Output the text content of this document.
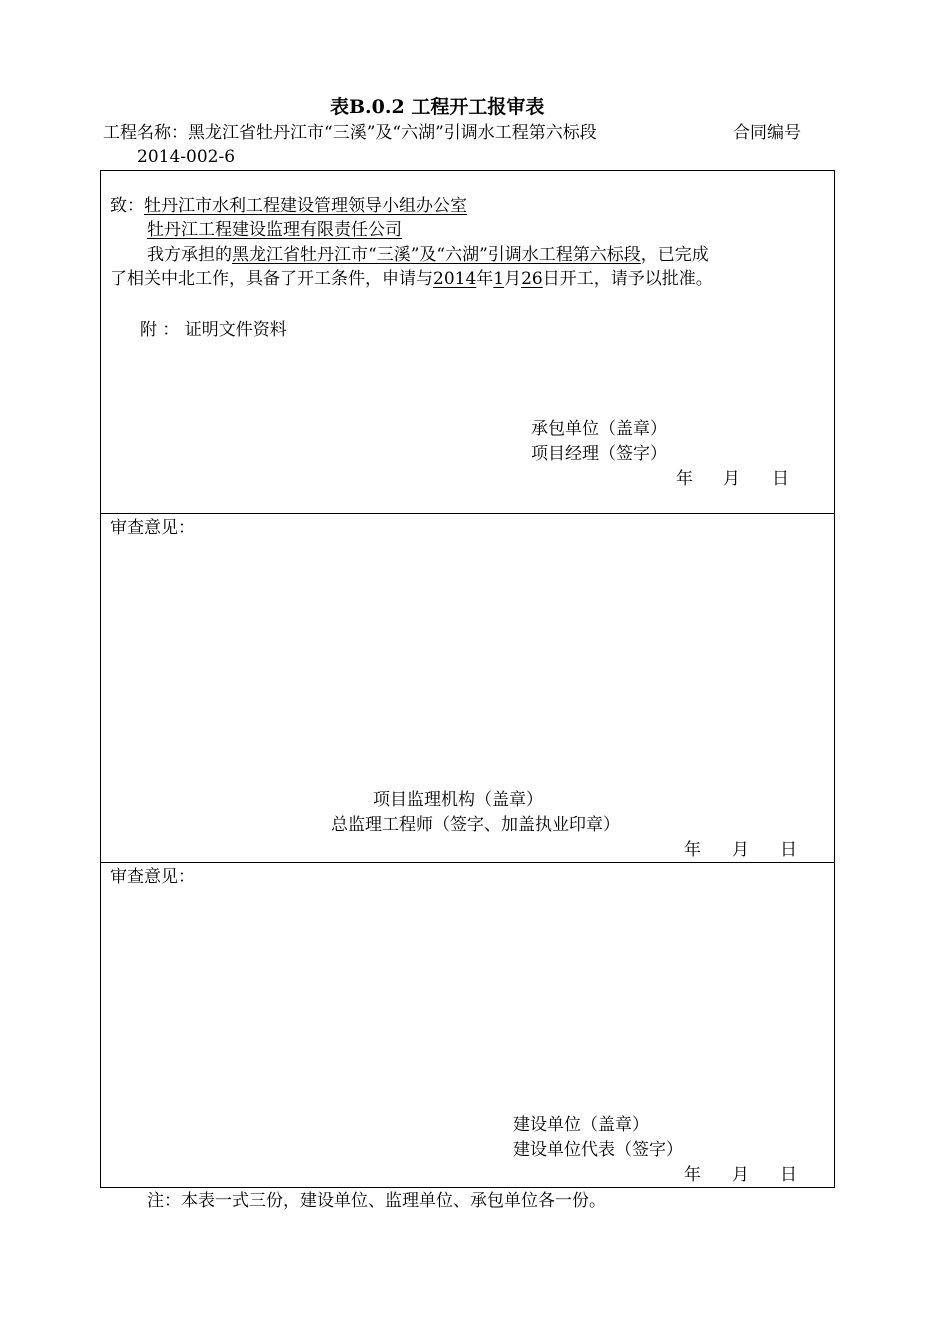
表B.0.2 工程开工报审表
工程名称：黑龙江省牡丹江市“三溪”及“六湖”引调水工程第六标段	合同编号
2014-002-6
致：牡丹江市水利工程建设管理领导小组办公室
牡丹江工程建设监理有限责任公司
我方承担的黑龙江省牡丹江市“三溪”及“六湖”引调水工程第六标段，已完成
了相关中北工作，具备了开工条件，申请与2014年1月26日开工，请予以批准。
附 ： 证明文件资料
承包单位（盖章）
项目经理（签字）
年 月 日
审查意见：
项目监理机构（盖章）
总监理工程师（签字、加盖执业印章）
年 月 日
审查意见：
建设单位（盖章）
建设单位代表（签字）
年 月 日
注：本表一式三份，建设单位、监理单位、承包单位各一份。
